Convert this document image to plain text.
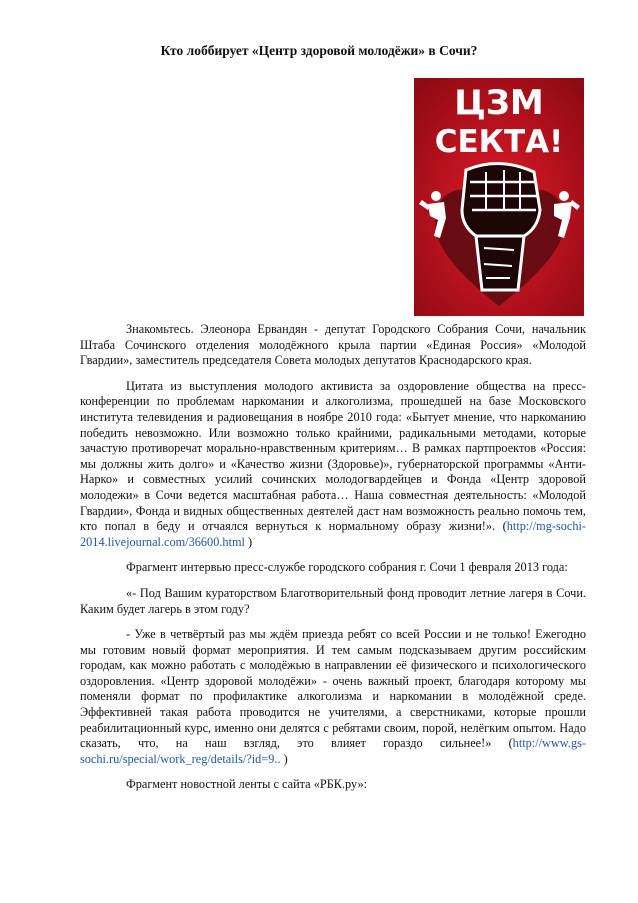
Кто лоббирует «Центр здоровой молодёжи» в Сочи?
ЦЗМ
СЕКТА!

Знакомьтесь. Элеонора Ервандян - депутат Городского Собрания Сочи, начальник Штаба Сочинского отделения молодёжного крыла партии «Единая Россия» «Молодой Гвардии», заместитель председателя Совета молодых депутатов Краснодарского края.

Цитата из выступления молодого активиста за оздоровление общества на пресс-конференции по проблемам наркомании и алкоголизма, прошедшей на базе Московского института телевидения и радиовещания в ноябре 2010 года: «Бытует мнение, что наркоманию победить невозможно. Или возможно только крайними, радикальными методами, которые зачастую противоречат морально-нравственным критериям… В рамках партпроектов «Россия: мы должны жить долго» и «Качество жизни (Здоровье)», губернаторской программы «Анти-Нарко» и совместных усилий сочинских молодогвардейцев и Фонда «Центр здоровой молодежи» в Сочи ведется масштабная работа… Наша совместная деятельность: «Молодой Гвардии», Фонда и видных общественных деятелей даст нам возможность реально помочь тем, кто попал в беду и отчаялся вернуться к нормальному образу жизни!». (http://mg-sochi-2014.livejournal.com/36600.html )

Фрагмент интервью пресс-службе городского собрания г. Сочи 1 февраля 2013 года:

«- Под Вашим кураторством Благотворительный фонд проводит летние лагеря в Сочи. Каким будет лагерь в этом году?

- Уже в четвёртый раз мы ждём приезда ребят со всей России и не только! Ежегодно мы готовим новый формат мероприятия. И тем самым подсказываем другим российским городам, как можно работать с молодёжью в направлении её физического и психологического оздоровления. «Центр здоровой молодёжи» - очень важный проект, благодаря которому мы поменяли формат по профилактике алкоголизма и наркомании в молодёжной среде. Эффективней такая работа проводится не учителями, а сверстниками, которые прошли реабилитационный курс, именно они делятся с ребятами своим, порой, нелёгким опытом. Надо сказать, что, на наш взгляд, это влияет гораздо сильнее!» (http://www.gs-sochi.ru/special/work_reg/details/?id=9.. )

Фрагмент новостной ленты с сайта «РБК.ру»:
